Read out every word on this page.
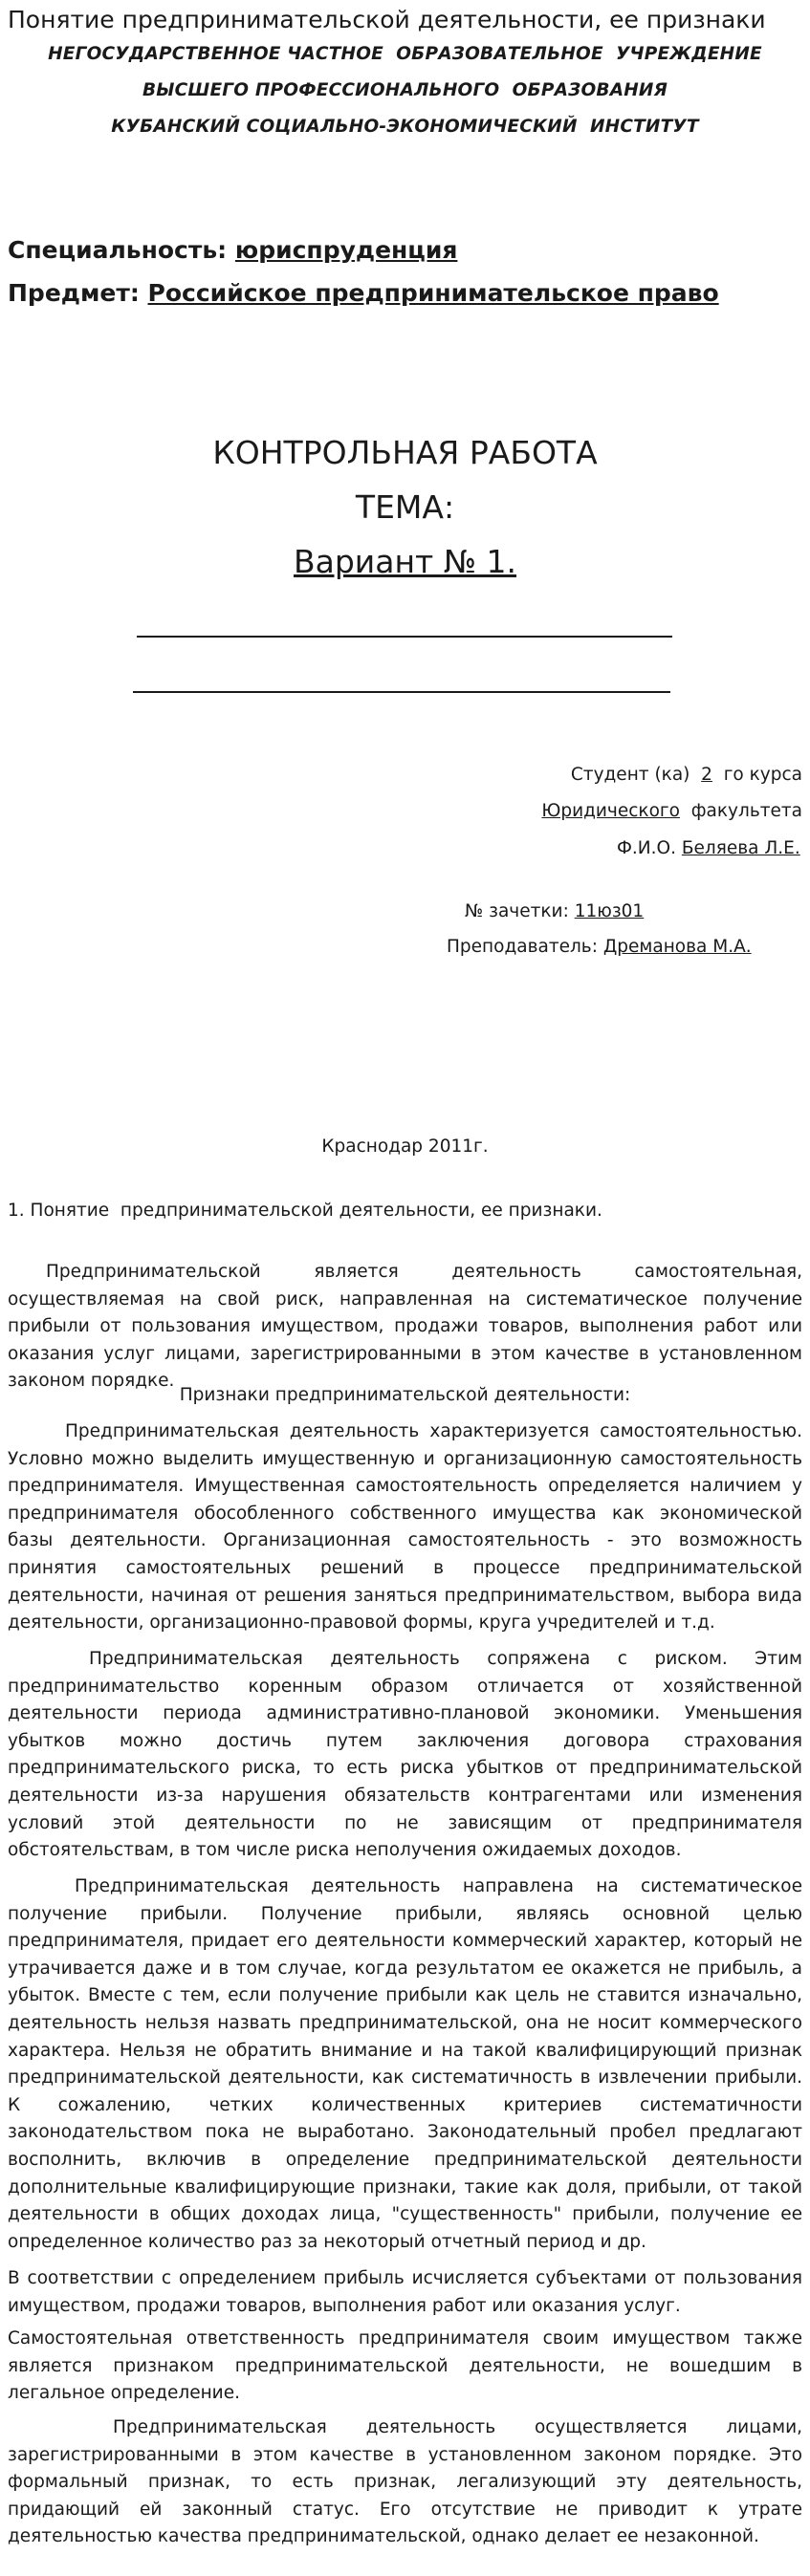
Понятие предпринимательской деятельности, ее признаки
НЕГОСУДАРСТВЕННОЕ ЧАСТНОЕ  ОБРАЗОВАТЕЛЬНОЕ  УЧРЕЖДЕНИЕ
ВЫСШЕГО ПРОФЕССИОНАЛЬНОГО  ОБРАЗОВАНИЯ
КУБАНСКИЙ СОЦИАЛЬНО-ЭКОНОМИЧЕСКИЙ  ИНСТИТУТ
Специальность: юриспруденция
Предмет: Российское предпринимательское право
КОНТРОЛЬНАЯ РАБОТА
ТЕМА:
Вариант № 1.
Студент (ка)  2  го курса
Юридического  факультета
Ф.И.О. Беляева Л.Е.
№ зачетки: 11юз01
Преподаватель: Дреманова М.А.
Краснодар 2011г.
1. Понятие  предпринимательской деятельности, ее признаки.

Предпринимательской является деятельность самостоятельная, осуществляемая на свой риск, направленная на систематическое получение прибыли от пользования имуществом, продажи товаров, выполнения работ или оказания услуг лицами, зарегистрированными в этом качестве в установленном законом порядке.

Признаки предпринимательской деятельности:

Предпринимательская деятельность характеризуется самостоятельностью. Условно можно выделить имущественную и организационную самостоятельность предпринимателя. Имущественная самостоятельность определяется наличием у предпринимателя обособленного собственного имущества как экономической базы деятельности. Организационная самостоятельность - это возможность принятия самостоятельных решений в процессе предпринимательской деятельности, начиная от решения заняться предпринимательством, выбора вида деятельности, организационно-правовой формы, круга учредителей и т.д.

Предпринимательская деятельность сопряжена с риском. Этим предпринимательство коренным образом отличается от хозяйственной деятельности периода административно-плановой экономики. Уменьшения убытков можно достичь путем заключения договора страхования предпринимательского риска, то есть риска убытков от предпринимательской деятельности из-за нарушения обязательств контрагентами или изменения условий этой деятельности по не зависящим от предпринимателя обстоятельствам, в том числе риска неполучения ожидаемых доходов.

Предпринимательская деятельность направлена на систематическое получение прибыли. Получение прибыли, являясь основной целью предпринимателя, придает его деятельности коммерческий характер, который не утрачивается даже и в том случае, когда результатом ее окажется не прибыль, а убыток. Вместе с тем, если получение прибыли как цель не ставится изначально, деятельность нельзя назвать предпринимательской, она не носит коммерческого характера. Нельзя не обратить внимание и на такой квалифицирующий признак предпринимательской деятельности, как систематичность в извлечении прибыли. К сожалению, четких количественных критериев систематичности законодательством пока не выработано. Законодательный пробел предлагают восполнить, включив в определение предпринимательской деятельности дополнительные квалифицирующие признаки, такие как доля, прибыли, от такой деятельности в общих доходах лица, "существенность" прибыли, получение ее определенное количество раз за некоторый отчетный период и др.

В соответствии с определением прибыль исчисляется субъектами от пользования имуществом, продажи товаров, выполнения работ или оказания услуг.

Самостоятельная ответственность предпринимателя своим имуществом также является признаком предпринимательской деятельности, не вошедшим в легальное определение.

Предпринимательская деятельность осуществляется лицами, зарегистрированными в этом качестве в установленном законом порядке. Это формальный признак, то есть признак, легализующий эту деятельность, придающий ей законный статус. Его отсутствие не приводит к утрате деятельностью качества предпринимательской, однако делает ее незаконной.
